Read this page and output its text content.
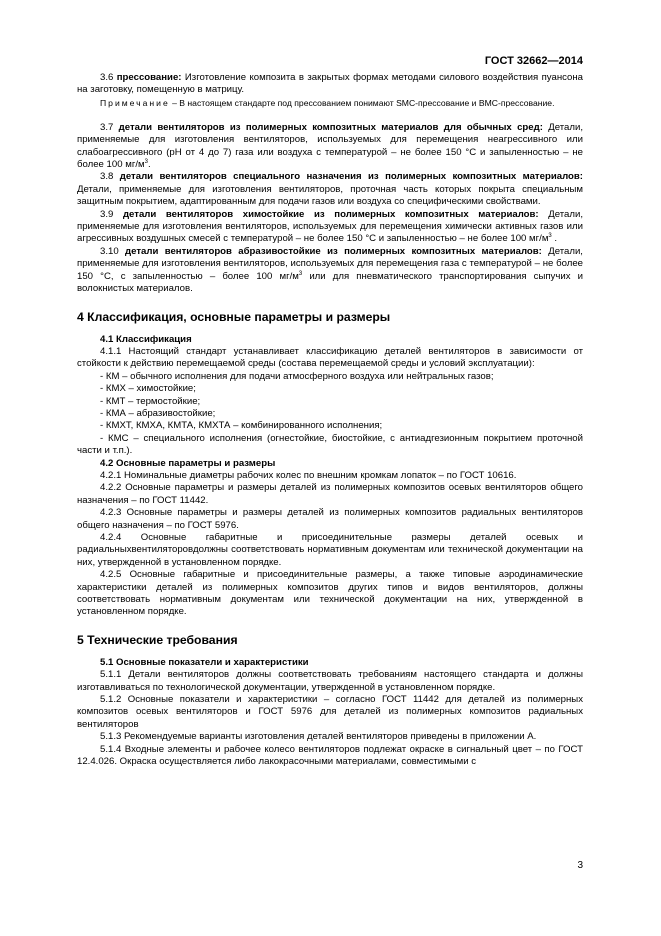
ГОСТ 32662—2014

3.6 прессование: Изготовление композита в закрытых формах методами силового воздействия пуансона на заготовку, помещенную в матрицу.

Примечание – В настоящем стандарте под прессованием понимают SMC-прессование и BMC-прессование.

3.7 детали вентиляторов из полимерных композитных материалов для обычных сред: Детали, применяемые для изготовления вентиляторов, используемых для перемещения неагрессивного или слабоагрессивного (pH от 4 до 7) газа или воздуха с температурой – не более 150 °С и запыленностью – не более 100 $мг/м^3$.

3.8 детали вентиляторов специального назначения из полимерных композитных материалов: Детали, применяемые для изготовления вентиляторов, проточная часть которых покрыта специальным защитным покрытием, адаптированным для подачи газов или воздуха со специфическими свойствами.

3.9 детали вентиляторов химостойкие из полимерных композитных материалов: Детали, применяемые для изготовления вентиляторов, используемых для перемещения химически активных газов или агрессивных воздушных смесей с температурой – не более 150 °С и запыленностью – не более 100 $мг/м^3$ .

3.10 детали вентиляторов абразивостойкие из полимерных композитных материалов: Детали, применяемые для изготовления вентиляторов, используемых для перемещения газа с температурой – не более 150 °С, с запыленностью – более 100 $мг/м^3$ или для пневматического транспортирования сыпучих и волокнистых материалов.

4 Классификация, основные параметры и размеры
4.1 Классификация

4.1.1 Настоящий стандарт устанавливает классификацию деталей вентиляторов в зависимости от стойкости к действию перемещаемой среды (состава перемещаемой среды и условий эксплуатации):

- КМ – обычного исполнения для подачи атмосферного воздуха или нейтральных газов;

- КМХ – химостойкие;

- КМТ – термостойкие;

- КМА – абразивостойкие;

- КМХТ, КМХА, КМТА, КМХТА – комбинированного исполнения;

- КМС – специального исполнения (огнестойкие, биостойкие, с антиадгезионным покрытием проточной части и т.п.).

4.2 Основные параметры и размеры

4.2.1 Номинальные диаметры рабочих колес по внешним кромкам лопаток – по ГОСТ 10616.

4.2.2 Основные параметры и размеры деталей из полимерных композитов осевых вентиляторов общего назначения – по ГОСТ 11442.

4.2.3 Основные параметры и размеры деталей из полимерных композитов радиальных вентиляторов общего назначения – по ГОСТ 5976.

4.2.4 Основные габаритные и присоединительные размеры деталей осевых и радиальныхвентиляторовдолжны соответствовать нормативным документам или технической документации на них, утвержденной в установленном порядке.

4.2.5 Основные габаритные и присоединительные размеры, а также типовые аэродинамические характеристики деталей из полимерных композитов других типов и видов вентиляторов, должны соответствовать нормативным документам или технической документации на них, утвержденной в установленном порядке.

5 Технические требования
5.1 Основные показатели и характеристики

5.1.1 Детали вентиляторов должны соответствовать требованиям настоящего стандарта и должны изготавливаться по технологической документации, утвержденной в установленном порядке.

5.1.2 Основные показатели и характеристики – согласно ГОСТ 11442 для деталей из полимерных композитов осевых вентиляторов и ГОСТ 5976 для деталей из полимерных композитов радиальных вентиляторов

5.1.3 Рекомендуемые варианты изготовления деталей вентиляторов приведены в приложении А.

5.1.4 Входные элементы и рабочее колесо вентиляторов подлежат окраске в сигнальный цвет – по ГОСТ 12.4.026. Окраска осуществляется либо лакокрасочными материалами, совместимыми с

3
